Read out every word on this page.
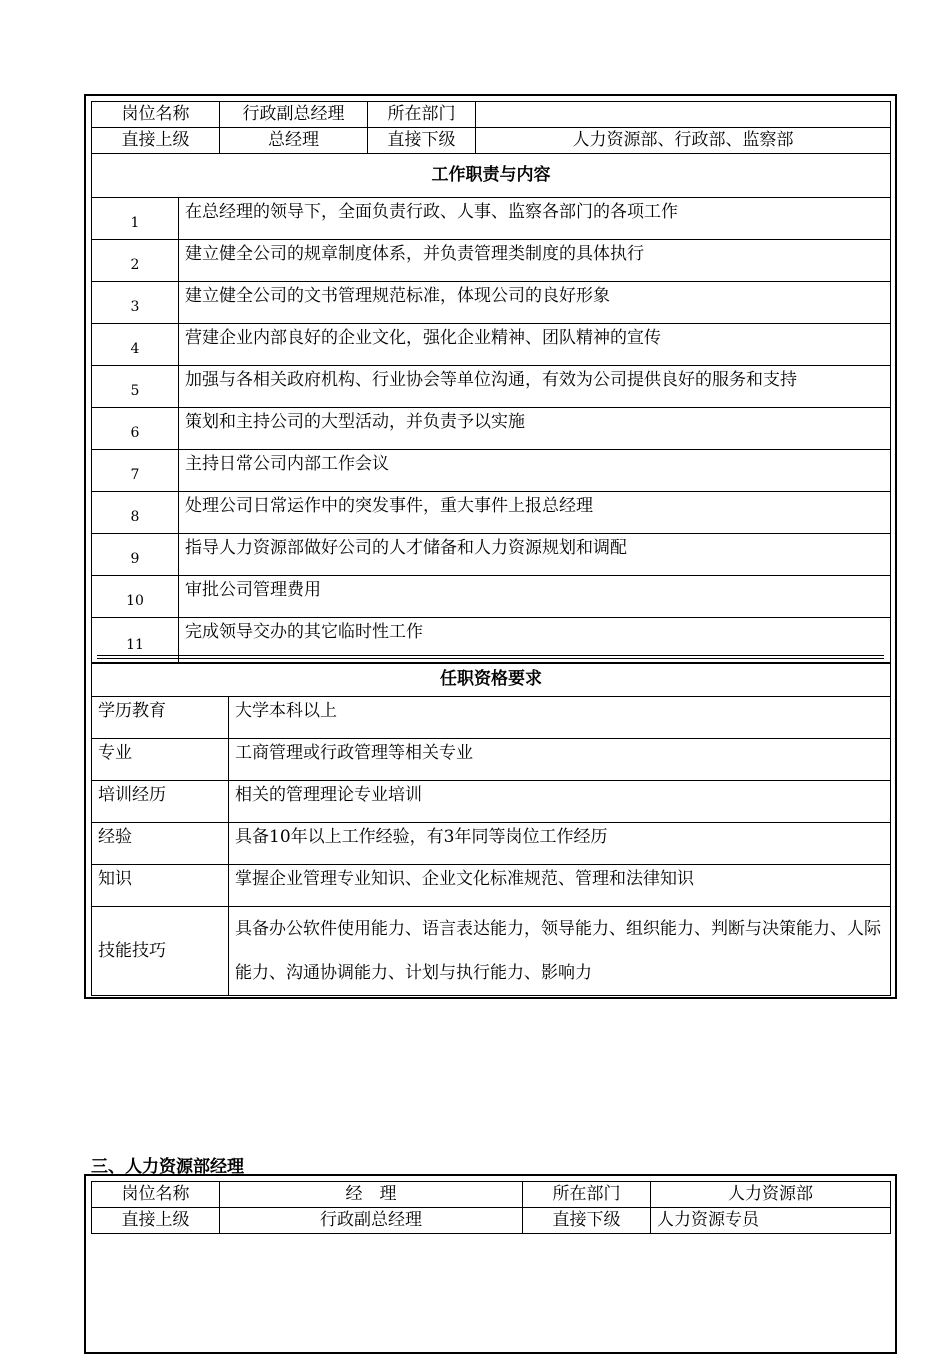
岗位名称	行政副总经理	所在部门	
直接上级	总经理	直接下级	人力资源部、行政部、监察部
工作职责与内容	
1	在总经理的领导下，全面负责行政、人事、监察各部门的各项工作
2	建立健全公司的规章制度体系，并负责管理类制度的具体执行
3	建立健全公司的文书管理规范标准，体现公司的良好形象
4	营建企业内部良好的企业文化，强化企业精神、团队精神的宣传
5	加强与各相关政府机构、行业协会等单位沟通，有效为公司提供良好的服务和支持
6	策划和主持公司的大型活动，并负责予以实施
7	主持日常公司内部工作会议
8	处理公司日常运作中的突发事件，重大事件上报总经理
9	指导人力资源部做好公司的人才储备和人力资源规划和调配
10	审批公司管理费用
11	完成领导交办的其它临时性工作
任职资格要求	
学历教育	大学本科以上
专业	工商管理或行政管理等相关专业
培训经历	相关的管理理论专业培训
经验	具备10年以上工作经验，有3年同等岗位工作经历
知识	掌握企业管理专业知识、企业文化标准规范、管理和法律知识
技能技巧	具备办公软件使用能力、语言表达能力，领导能力、组织能力、判断与决策能力、人际能力、沟通协调能力、计划与执行能力、影响力
三、人力资源部经理
岗位名称	经　理	所在部门	人力资源部
直接上级	行政副总经理	直接下级	人力资源专员
